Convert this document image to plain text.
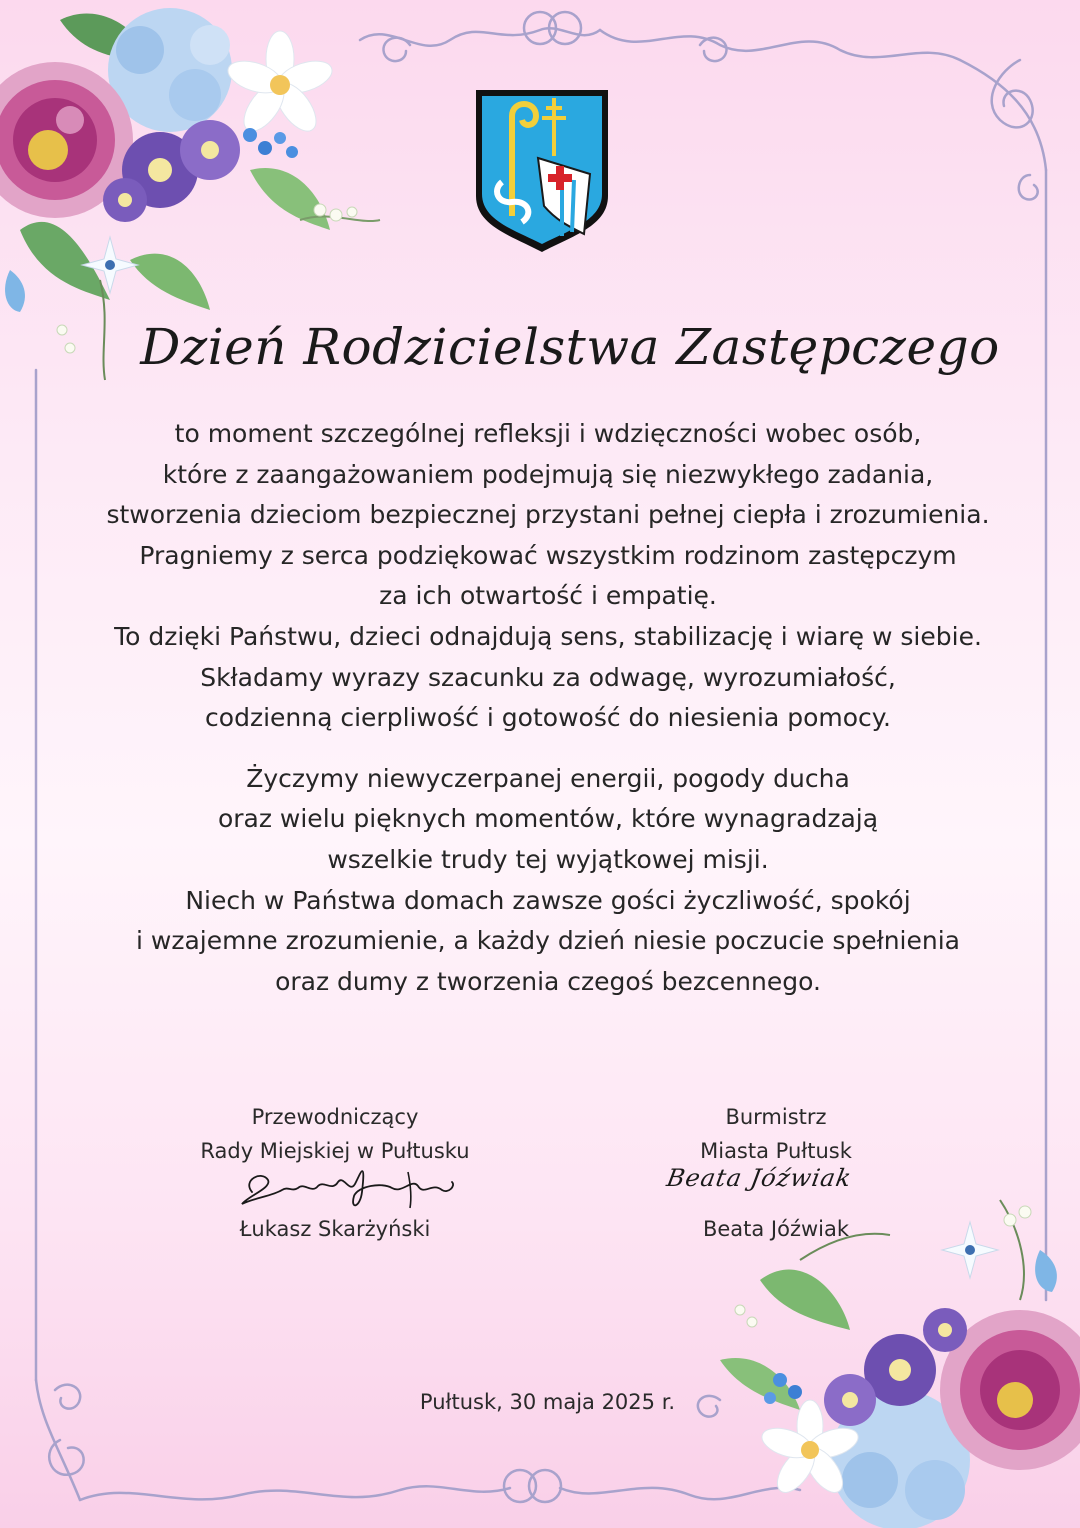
Dzień Rodzicielstwa Zastępczego

to moment szczególnej refleksji i wdzięczności wobec osób,

które z zaangażowaniem podejmują się niezwykłego zadania,

stworzenia dzieciom bezpiecznej przystani pełnej ciepła i zrozumienia.

Pragniemy z serca podziękować wszystkim rodzinom zastępczym

za ich otwartość i empatię.

To dzięki Państwu, dzieci odnajdują sens, stabilizację i wiarę w siebie.

Składamy wyrazy szacunku za odwagę, wyrozumiałość,

codzienną cierpliwość i gotowość do niesienia pomocy.

Życzymy niewyczerpanej energii, pogody ducha

oraz wielu pięknych momentów, które wynagradzają

wszelkie trudy tej wyjątkowej misji.

Niech w Państwa domach zawsze gości życzliwość, spokój

i wzajemne zrozumienie, a każdy dzień niesie poczucie spełnienia

oraz dumy z tworzenia czegoś bezcennego.

Przewodniczący
Rady Miejskiej w Pułtusku
Łukasz Skarżyński
Burmistrz
Miasta Pułtusk
Beata Jóźwiak
Beata Jóźwiak
Pułtusk, 30 maja 2025 r.
